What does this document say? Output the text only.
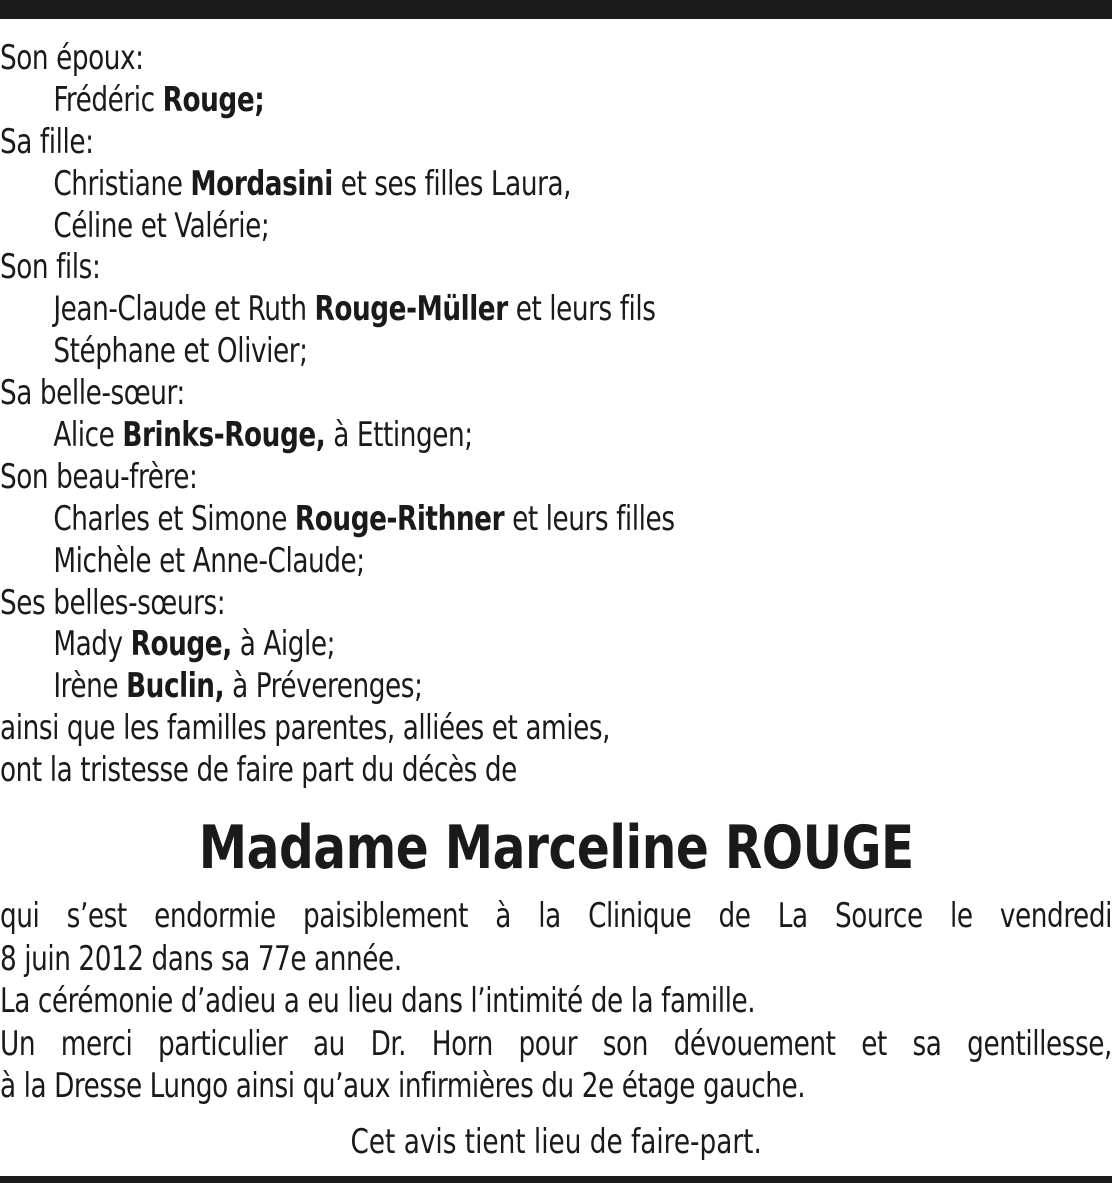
Son époux:
Frédéric Rouge;
Sa fille:
Christiane Mordasini et ses filles Laura,
Céline et Valérie;
Son fils:
Jean-Claude et Ruth Rouge-Müller et leurs fils
Stéphane et Olivier;
Sa belle-sœur:
Alice Brinks-Rouge, à Ettingen;
Son beau-frère:
Charles et Simone Rouge-Rithner et leurs filles
Michèle et Anne-Claude;
Ses belles-sœurs:
Mady Rouge, à Aigle;
Irène Buclin, à Préverenges;
ainsi que les familles parentes, alliées et amies,
ont la tristesse de faire part du décès de
Madame Marceline ROUGE
qui s’est endormie paisiblement à la Clinique de La Source le vendredi
8 juin 2012 dans sa 77e année.
La cérémonie d’adieu a eu lieu dans l’intimité de la famille.
Un merci particulier au Dr. Horn pour son dévouement et sa gentillesse,
à la Dresse Lungo ainsi qu’aux infirmières du 2e étage gauche.
Cet avis tient lieu de faire-part.
